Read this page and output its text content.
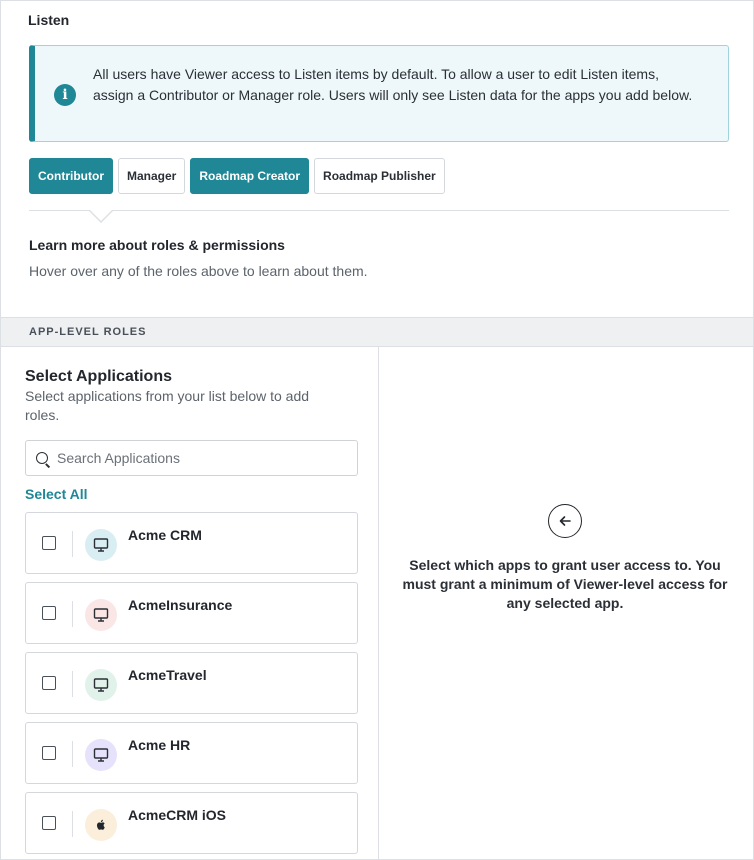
Listen
i
All users have Viewer access to Listen items by default. To allow a user to edit Listen items, assign a Contributor or Manager role. Users will only see Listen data for the apps you add below.
Contributor	Manager	Roadmap Creator	Roadmap Publisher
Learn more about roles & permissions
Hover over any of the roles above to learn about them.
APP-LEVEL ROLES
Select Applications
Select applications from your list below to add roles.
Search Applications
Select All
Acme CRM
AcmeInsurance
AcmeTravel
Acme HR
AcmeCRM iOS
Select which apps to grant user access to. You must grant a minimum of Viewer-level access for any selected app.
